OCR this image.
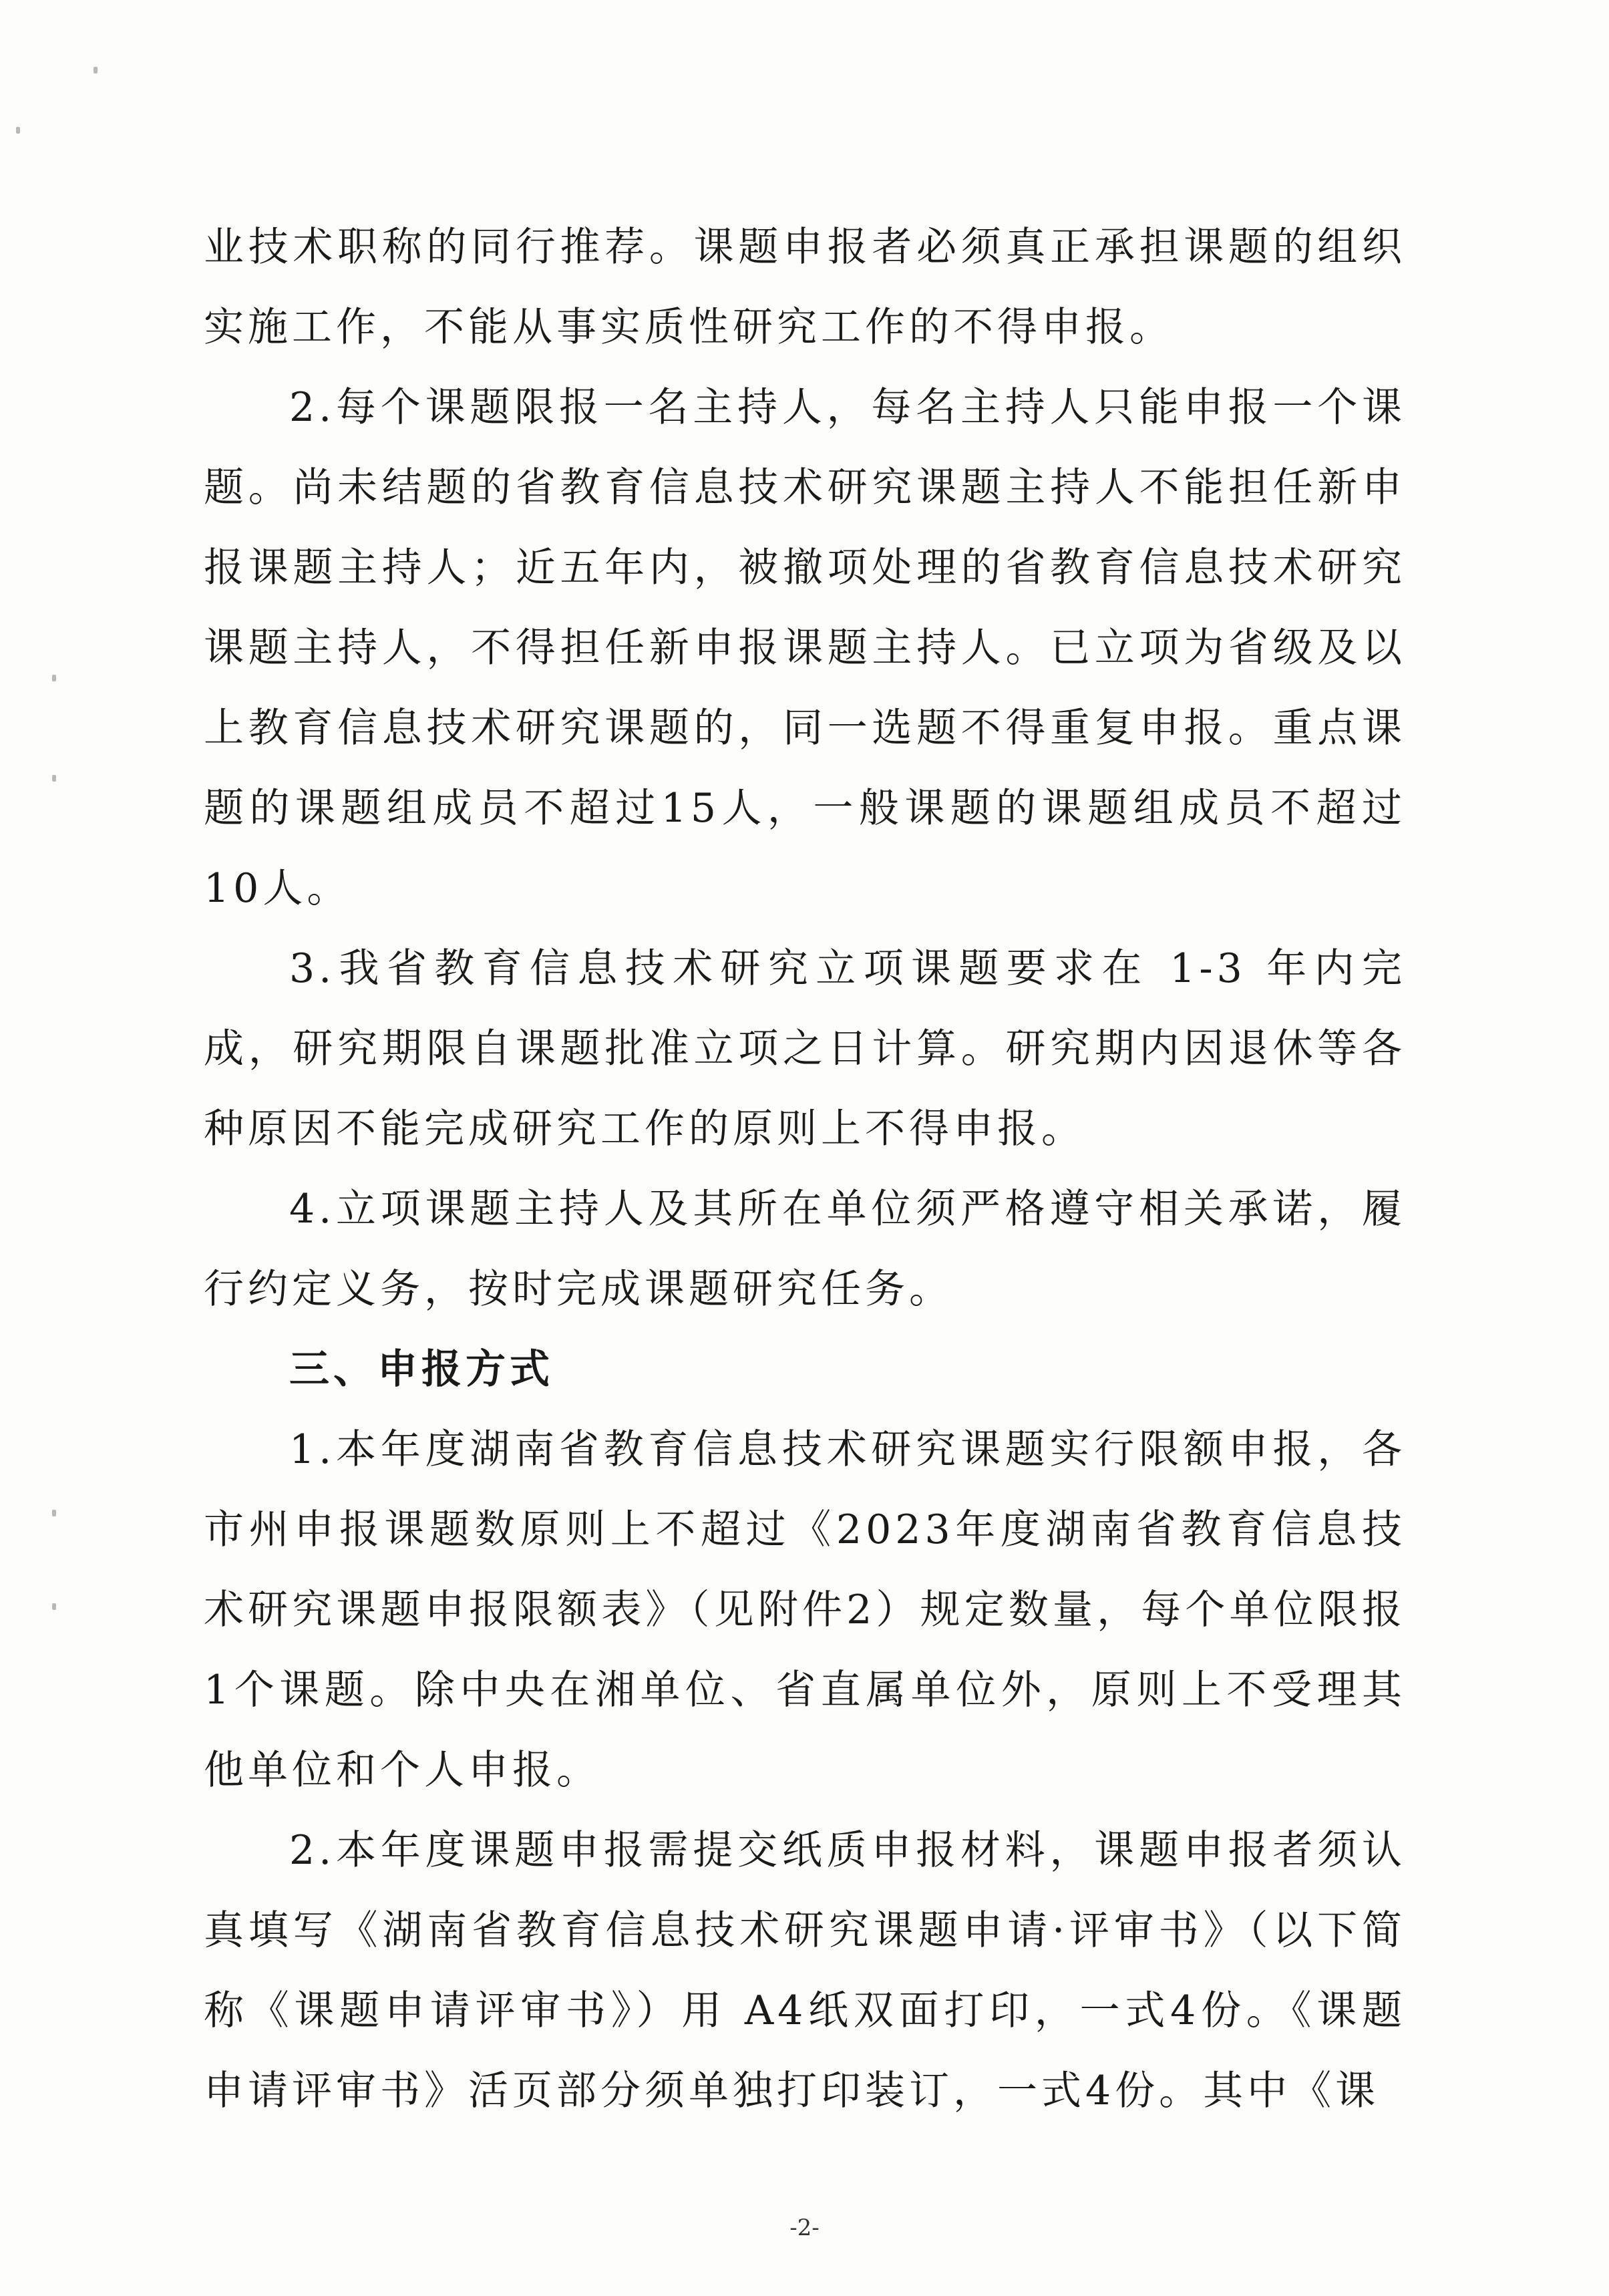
业技术职称的同行推荐。课题申报者必须真正承担课题的组织实施工作，不能从事实质性研究工作的不得申报。

2.每个课题限报一名主持人，每名主持人只能申报一个课题。尚未结题的省教育信息技术研究课题主持人不能担任新申报课题主持人；近五年内，被撤项处理的省教育信息技术研究课题主持人，不得担任新申报课题主持人。已立项为省级及以上教育信息技术研究课题的，同一选题不得重复申报。重点课题的课题组成员不超过15人，一般课题的课题组成员不超过10人。

3.我省教育信息技术研究立项课题要求在 1-3 年内完成，研究期限自课题批准立项之日计算。研究期内因退休等各种原因不能完成研究工作的原则上不得申报。

4.立项课题主持人及其所在单位须严格遵守相关承诺，履行约定义务，按时完成课题研究任务。

三、申报方式

1.本年度湖南省教育信息技术研究课题实行限额申报，各市州申报课题数原则上不超过《2023年度湖南省教育信息技术研究课题申报限额表》（见附件2）规定数量，每个单位限报1个课题。除中央在湘单位、省直属单位外，原则上不受理其他单位和个人申报。

2.本年度课题申报需提交纸质申报材料，课题申报者须认真填写《湖南省教育信息技术研究课题申请·评审书》（以下简称《课题申请评审书》）用 A4纸双面打印，一式4份。《课题申请评审书》活页部分须单独打印装订，一式4份。其中《课

-2-
